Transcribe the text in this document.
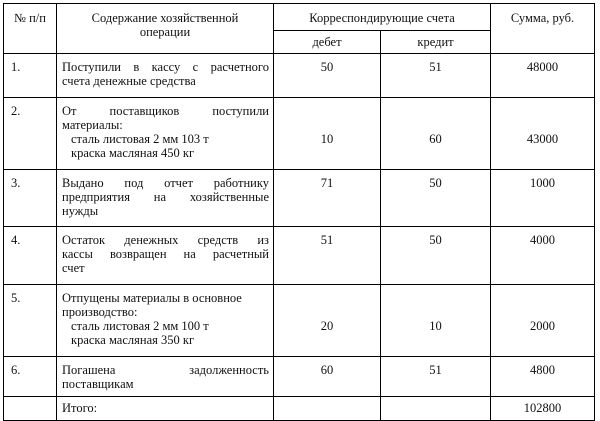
№ п/п	Содержание хозяйственной
операции	Корреспондирующие счета		Сумма, руб.
		дебет	кредит	
1.	Поступили в кассу с расчетного
счета денежные средства	50	51	48000
2.	От поставщиков поступили
материалы:
сталь листовая 2 мм 103 т
краска масляная 450 кг	10	60	43000
3.	Выдано под отчет работнику
предприятия на хозяйственные
нужды	71	50	1000
4.	Остаток денежных средств из
кассы возвращен на расчетный
счет	51	50	4000
5.	Отпущены материалы в основное
производство:
сталь листовая 2 мм 100 т
краска масляная 350 кг	20	10	2000
6.	Погашена задолженность
поставщикам	60	51	4800
	Итого:			102800
